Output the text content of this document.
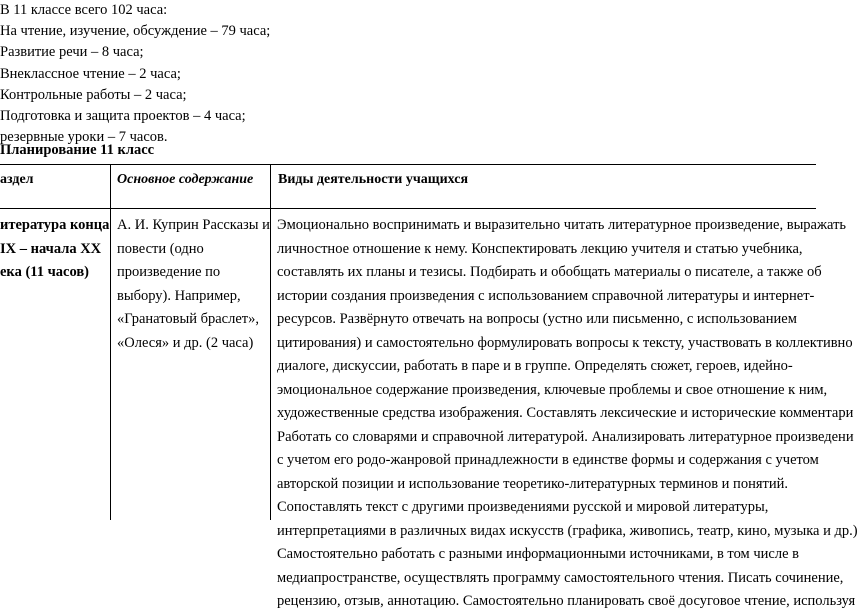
В 11 классе всего 102 часа:
На чтение, изучение, обсуждение – 79 часа;
Развитие речи – 8 часа;
Внеклассное чтение – 2 часа;
Контрольные работы – 2 часа;
Подготовка и защита проектов – 4 часа;
резервные уроки – 7 часов.
Планирование 11 класс
аздел	Основное содержание Виды деятельности учащихся
итература конца
IX – начала XX
ека (11 часов)
А. И. Куприн Рассказы и
повести (одно
произведение по
выбору). Например,
«Гранатовый браслет»,
«Олеся» и др. (2 часа)
Эмоционально воспринимать и выразительно читать литературное произведение, выражать
личностное отношение к нему. Конспектировать лекцию учителя и статью учебника,
составлять их планы и тезисы. Подбирать и обобщать материалы о писателе, а также об
истории создания произведения с использованием справочной литературы и интернет-
ресурсов. Развёрнуто отвечать на вопросы (устно или письменно, с использованием
цитирования) и самостоятельно формулировать вопросы к тексту, участвовать в коллективно
диалоге, дискуссии, работать в паре и в группе. Определять сюжет, героев, идейно-
эмоциональное содержание произведения, ключевые проблемы и свое отношение к ним,
художественные средства изображения. Составлять лексические и исторические комментари
Работать со словарями и справочной литературой. Анализировать литературное произведени
с учетом его родо-жанровой принадлежности в единстве формы и содержания с учетом
авторской позиции и использование теоретико-литературных терминов и понятий.
Сопоставлять текст с другими произведениями русской и мировой литературы,
интерпретациями в различных видах искусств (графика, живопись, театр, кино, музыка и др.)
Самостоятельно работать с разными информационными источниками, в том числе в
медиапространстве, осуществлять программу самостоятельного чтения. Писать сочинение,
рецензию, отзыв, аннотацию. Самостоятельно планировать своё досуговое чтение, используя
